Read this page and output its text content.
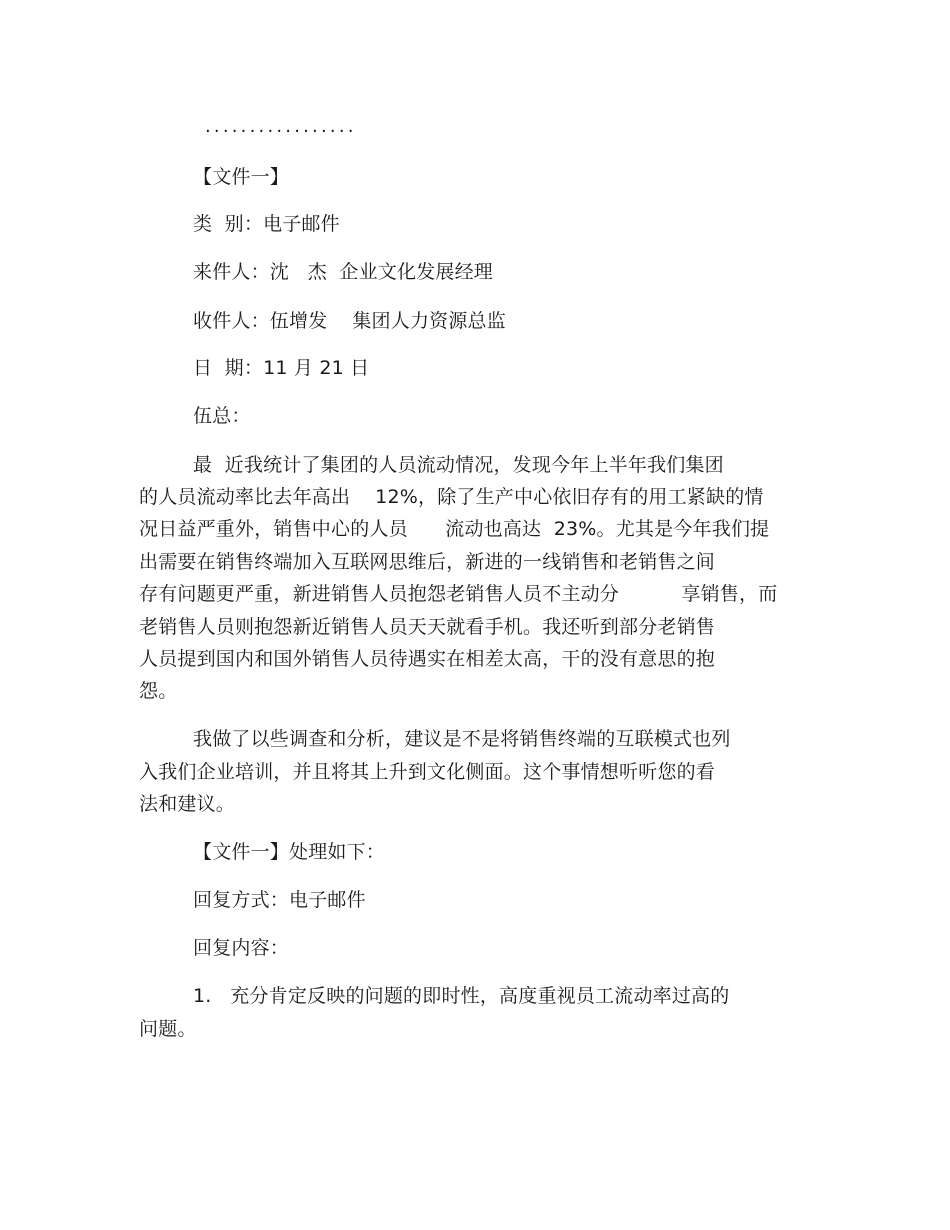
.................
【文件一】
类  别：电子邮件
来件人：沈   杰  企业文化发展经理
收件人：伍增发    集团人力资源总监
日  期：11 月 21 日
伍总：
最  近我统计了集团的人员流动情况，发现今年上半年我们集团
的人员流动率比去年高出    12%，除了生产中心依旧存有的用工紧缺的情
况日益严重外，销售中心的人员      流动也高达  23%。尤其是今年我们提
出需要在销售终端加入互联网思维后，新进的一线销售和老销售之间
存有问题更严重，新进销售人员抱怨老销售人员不主动分          享销售，而
老销售人员则抱怨新近销售人员天天就看手机。我还听到部分老销售
人员提到国内和国外销售人员待遇实在相差太高，干的没有意思的抱
怨。
我做了以些调查和分析，建议是不是将销售终端的互联模式也列
入我们企业培训，并且将其上升到文化侧面。这个事情想听听您的看
法和建议。
【文件一】处理如下：
回复方式：电子邮件
回复内容：
1.   充分肯定反映的问题的即时性，高度重视员工流动率过高的
问题。
